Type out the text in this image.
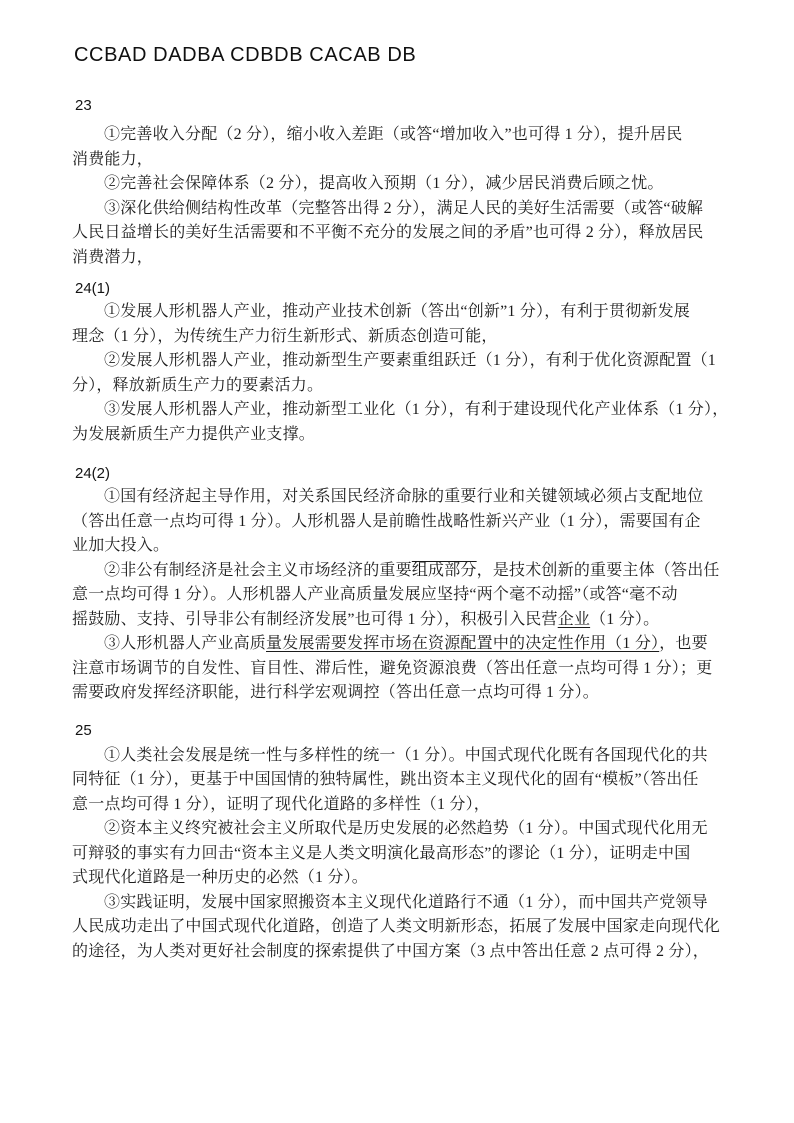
CCBAD DADBA CDBDB CACAB DB
23

①完善收入分配（2 分），缩小收入差距（或答“增加收入”也可得 1 分），提升居民
消费能力，

②完善社会保障体系（2 分），提高收入预期（1 分），减少居民消费后顾之忧。

③深化供给侧结构性改革（完整答出得 2 分），满足人民的美好生活需要（或答“破解
人民日益增长的美好生活需要和不平衡不充分的发展之间的矛盾”也可得 2 分），释放居民
消费潜力，

24(1)

①发展人形机器人产业，推动产业技术创新（答出“创新”1 分），有利于贯彻新发展
理念（1 分），为传统生产力衍生新形式、新质态创造可能，

②发展人形机器人产业，推动新型生产要素重组跃迁（1 分），有利于优化资源配置（1
分），释放新质生产力的要素活力。

③发展人形机器人产业，推动新型工业化（1 分），有利于建设现代化产业体系（1 分），
为发展新质生产力提供产业支撑。

24(2)

①国有经济起主导作用，对关系国民经济命脉的重要行业和关键领域必须占支配地位
（答出任意一点均可得 1 分）。人形机器人是前瞻性战略性新兴产业（1 分），需要国有企
业加大投入。

②非公有制经济是社会主义市场经济的重要组成部分，是技术创新的重要主体（答出任
意一点均可得 1 分）。人形机器人产业高质量发展应坚持“两个毫不动摇”（或答“毫不动
摇鼓励、支持、引导非公有制经济发展”也可得 1 分），积极引入民营企业（1 分）。

③人形机器人产业高质量发展需要发挥市场在资源配置中的决定性作用（1 分），也要
注意市场调节的自发性、盲目性、滞后性，避免资源浪费（答出任意一点均可得 1 分）；更
需要政府发挥经济职能，进行科学宏观调控（答出任意一点均可得 1 分）。

25

①人类社会发展是统一性与多样性的统一（1 分）。中国式现代化既有各国现代化的共
同特征（1 分），更基于中国国情的独特属性，跳出资本主义现代化的固有“模板”（答出任
意一点均可得 1 分），证明了现代化道路的多样性（1 分），

②资本主义终究被社会主义所取代是历史发展的必然趋势（1 分）。中国式现代化用无
可辩驳的事实有力回击“资本主义是人类文明演化最高形态”的谬论（1 分），证明走中国
式现代化道路是一种历史的必然（1 分）。

③实践证明，发展中国家照搬资本主义现代化道路行不通（1 分），而中国共产党领导
人民成功走出了中国式现代化道路，创造了人类文明新形态，拓展了发展中国家走向现代化
的途径，为人类对更好社会制度的探索提供了中国方案（3 点中答出任意 2 点可得 2 分），
